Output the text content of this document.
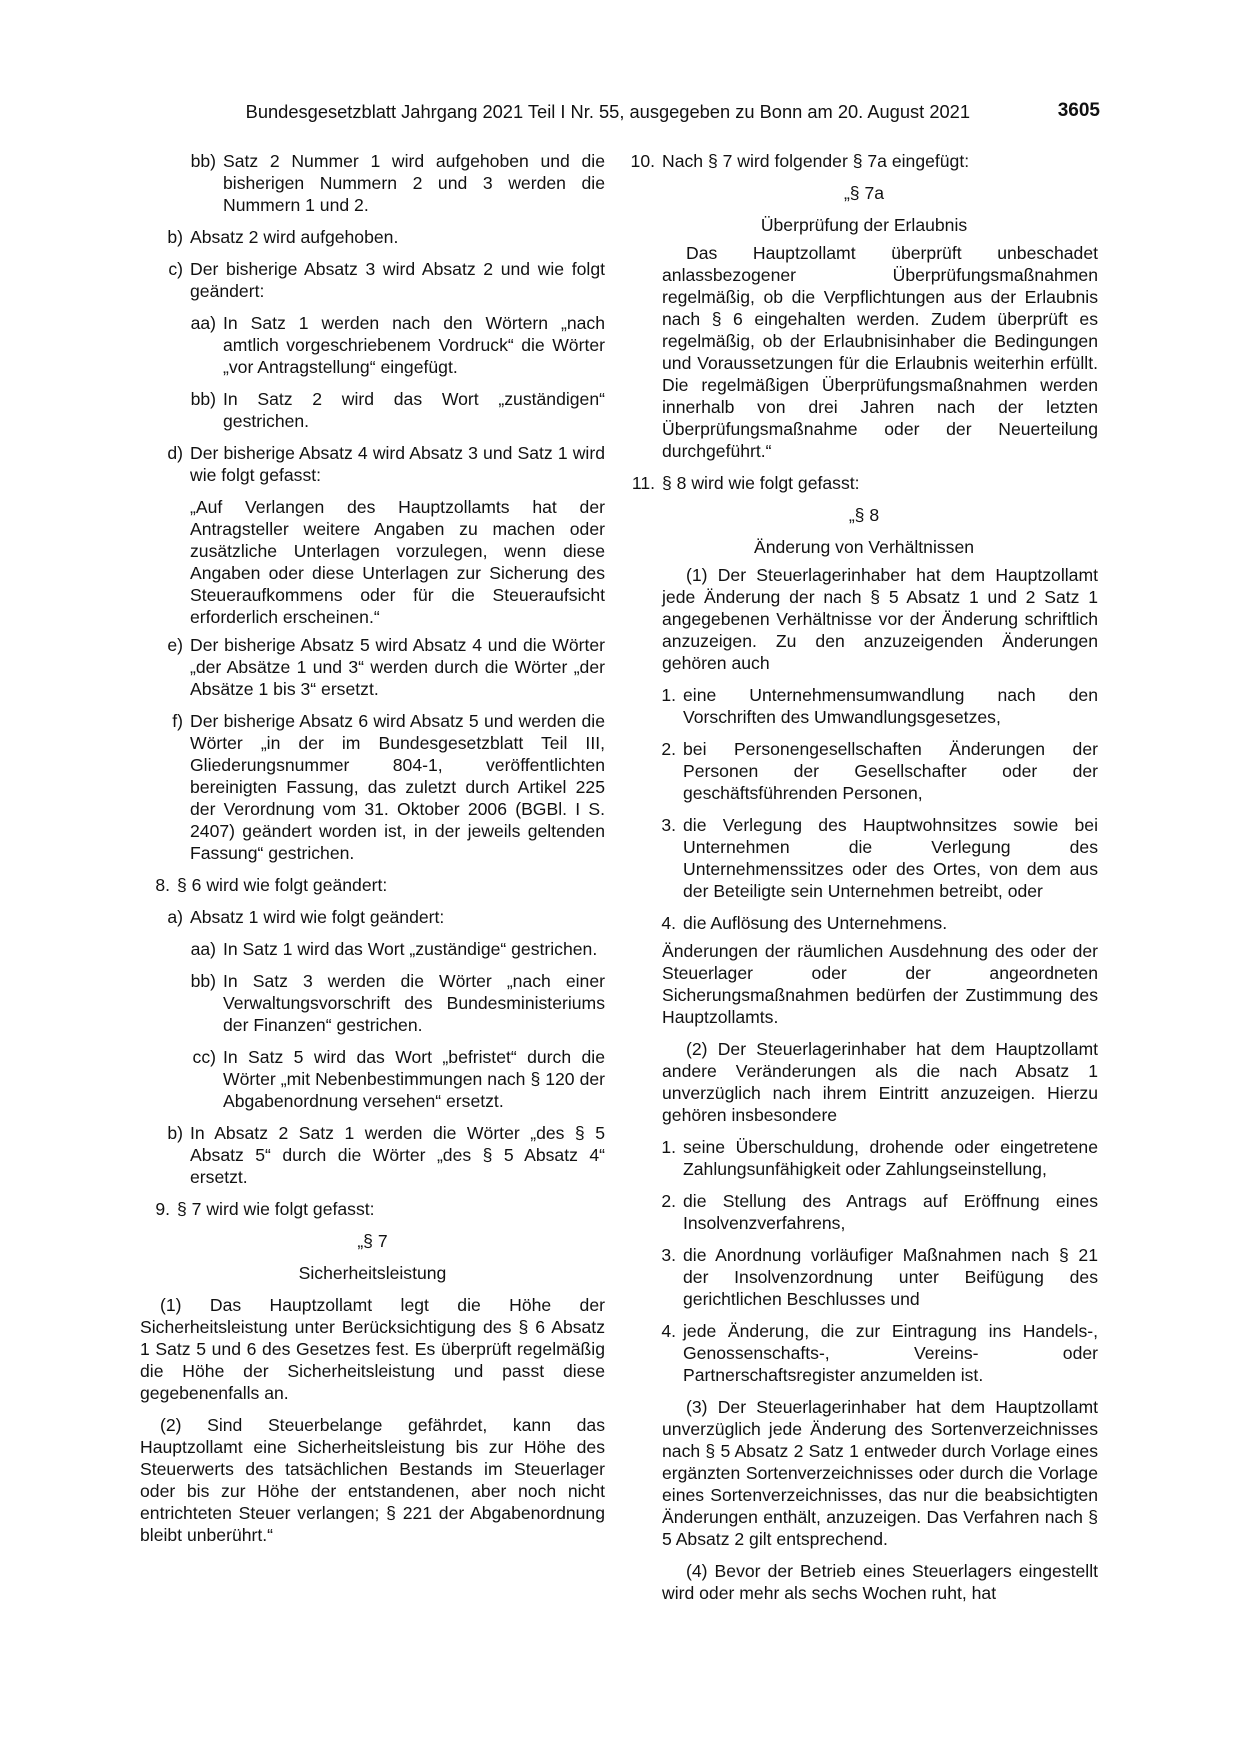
Bundesgesetzblatt Jahrgang 2021 Teil I Nr. 55, ausgegeben zu Bonn am 20. August 2021	3605
bb) Satz 2 Nummer 1 wird aufgehoben und die bisherigen Nummern 2 und 3 werden die Nummern 1 und 2.
b) Absatz 2 wird aufgehoben.
c) Der bisherige Absatz 3 wird Absatz 2 und wie folgt geändert:
aa) In Satz 1 werden nach den Wörtern „nach amtlich vorgeschriebenem Vordruck“ die Wörter „vor Antragstellung“ eingefügt.
bb) In Satz 2 wird das Wort „zuständigen“ gestrichen.
d) Der bisherige Absatz 4 wird Absatz 3 und Satz 1 wird wie folgt gefasst:
„Auf Verlangen des Hauptzollamts hat der Antragsteller weitere Angaben zu machen oder zusätzliche Unterlagen vorzulegen, wenn diese Angaben oder diese Unterlagen zur Sicherung des Steueraufkommens oder für die Steueraufsicht erforderlich erscheinen.“
e) Der bisherige Absatz 5 wird Absatz 4 und die Wörter „der Absätze 1 und 3“ werden durch die Wörter „der Absätze 1 bis 3“ ersetzt.
f) Der bisherige Absatz 6 wird Absatz 5 und werden die Wörter „in der im Bundesgesetzblatt Teil III, Gliederungsnummer 804-1, veröffentlichten bereinigten Fassung, das zuletzt durch Artikel 225 der Verordnung vom 31. Oktober 2006 (BGBl. I S. 2407) geändert worden ist, in der jeweils geltenden Fassung“ gestrichen.
8. § 6 wird wie folgt geändert:
a) Absatz 1 wird wie folgt geändert:
aa) In Satz 1 wird das Wort „zuständige“ gestrichen.
bb) In Satz 3 werden die Wörter „nach einer Verwaltungsvorschrift des Bundesministeriums der Finanzen“ gestrichen.
cc) In Satz 5 wird das Wort „befristet“ durch die Wörter „mit Nebenbestimmungen nach § 120 der Abgabenordnung versehen“ ersetzt.
b) In Absatz 2 Satz 1 werden die Wörter „des § 5 Absatz 5“ durch die Wörter „des § 5 Absatz 4“ ersetzt.
9. § 7 wird wie folgt gefasst:
„§ 7
Sicherheitsleistung
(1) Das Hauptzollamt legt die Höhe der Sicherheitsleistung unter Berücksichtigung des § 6 Absatz 1 Satz 5 und 6 des Gesetzes fest. Es überprüft regelmäßig die Höhe der Sicherheitsleistung und passt diese gegebenenfalls an.
(2) Sind Steuerbelange gefährdet, kann das Hauptzollamt eine Sicherheitsleistung bis zur Höhe des Steuerwerts des tatsächlichen Bestands im Steuerlager oder bis zur Höhe der entstandenen, aber noch nicht entrichteten Steuer verlangen; § 221 der Abgabenordnung bleibt unberührt.“
10. Nach § 7 wird folgender § 7a eingefügt:
„§ 7a
Überprüfung der Erlaubnis
Das Hauptzollamt überprüft unbeschadet anlassbezogener Überprüfungsmaßnahmen regelmäßig, ob die Verpflichtungen aus der Erlaubnis nach § 6 eingehalten werden. Zudem überprüft es regelmäßig, ob der Erlaubnisinhaber die Bedingungen und Voraussetzungen für die Erlaubnis weiterhin erfüllt. Die regelmäßigen Überprüfungsmaßnahmen werden innerhalb von drei Jahren nach der letzten Überprüfungsmaßnahme oder der Neuerteilung durchgeführt.“
11. § 8 wird wie folgt gefasst:
„§ 8
Änderung von Verhältnissen
(1) Der Steuerlagerinhaber hat dem Hauptzollamt jede Änderung der nach § 5 Absatz 1 und 2 Satz 1 angegebenen Verhältnisse vor der Änderung schriftlich anzuzeigen. Zu den anzuzeigenden Änderungen gehören auch
1. eine Unternehmensumwandlung nach den Vorschriften des Umwandlungsgesetzes,
2. bei Personengesellschaften Änderungen der Personen der Gesellschafter oder der geschäftsführenden Personen,
3. die Verlegung des Hauptwohnsitzes sowie bei Unternehmen die Verlegung des Unternehmenssitzes oder des Ortes, von dem aus der Beteiligte sein Unternehmen betreibt, oder
4. die Auflösung des Unternehmens.
Änderungen der räumlichen Ausdehnung des oder der Steuerlager oder der angeordneten Sicherungsmaßnahmen bedürfen der Zustimmung des Hauptzollamts.
(2) Der Steuerlagerinhaber hat dem Hauptzollamt andere Veränderungen als die nach Absatz 1 unverzüglich nach ihrem Eintritt anzuzeigen. Hierzu gehören insbesondere
1. seine Überschuldung, drohende oder eingetretene Zahlungsunfähigkeit oder Zahlungseinstellung,
2. die Stellung des Antrags auf Eröffnung eines Insolvenzverfahrens,
3. die Anordnung vorläufiger Maßnahmen nach § 21 der Insolvenzordnung unter Beifügung des gerichtlichen Beschlusses und
4. jede Änderung, die zur Eintragung ins Handels-, Genossenschafts-, Vereins- oder Partnerschaftsregister anzumelden ist.
(3) Der Steuerlagerinhaber hat dem Hauptzollamt unverzüglich jede Änderung des Sortenverzeichnisses nach § 5 Absatz 2 Satz 1 entweder durch Vorlage eines ergänzten Sortenverzeichnisses oder durch die Vorlage eines Sortenverzeichnisses, das nur die beabsichtigten Änderungen enthält, anzuzeigen. Das Verfahren nach § 5 Absatz 2 gilt entsprechend.
(4) Bevor der Betrieb eines Steuerlagers eingestellt wird oder mehr als sechs Wochen ruht, hat
